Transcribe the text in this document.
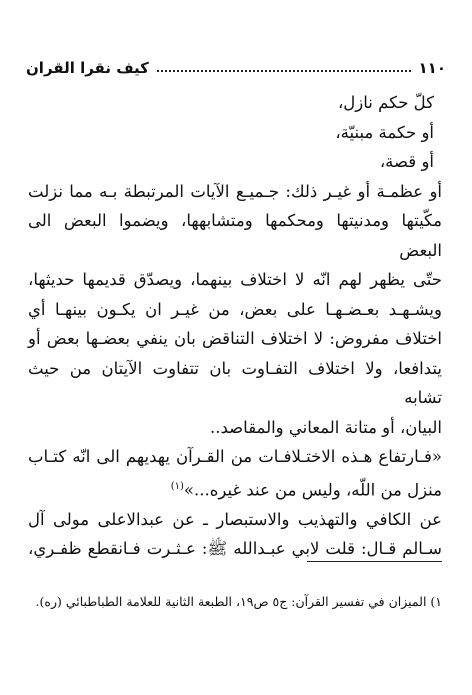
١١٠
كيف نقرا القران
كلّ حكم نازل،
أو حكمة مبنيّة،
أو قصة،
أو عظمـة أو غيـر ذلك: جـميـع الآيات المرتبطة بـه مما نزلت
مكّيتها ومدنيتها ومحكمها ومتشابهها، ويضموا البعض الى البعض
حتّى يظهر لهم انّه لا اختلاف بينهما، ويصدّق قديمها حديثها،
ويشـهـد بعـضـهـا على بعض، من غيـر ان يكـون بينهـا أي
اختلاف مفروض: لا اختلاف التناقض بان ينفي بعضـها بعض أو
يتدافعا، ولا اختلاف التفـاوت بان تتفاوت الآيتان من حيث تشابه
البيان، أو متانة المعاني والمقاصد..
«فـارتفاع هـذه الاختـلافـات من القـرآن يهديهم الى انّه كتـاب
منزل من اللّه، وليس من عند غيره...»$^{(١)}$
عن الكافي والتهذيب والاستبصار ـ عن عبدالاعلى مولى آل
سـالم قـال: قلت لابي عبـدالله ﷺ: عـثـرت فـانقطع ظفـري،
١) الميزان في تفسير القرآن: ج٥ ص١٩، الطبعة الثانية للعلامة الطباطبائي (ره).
